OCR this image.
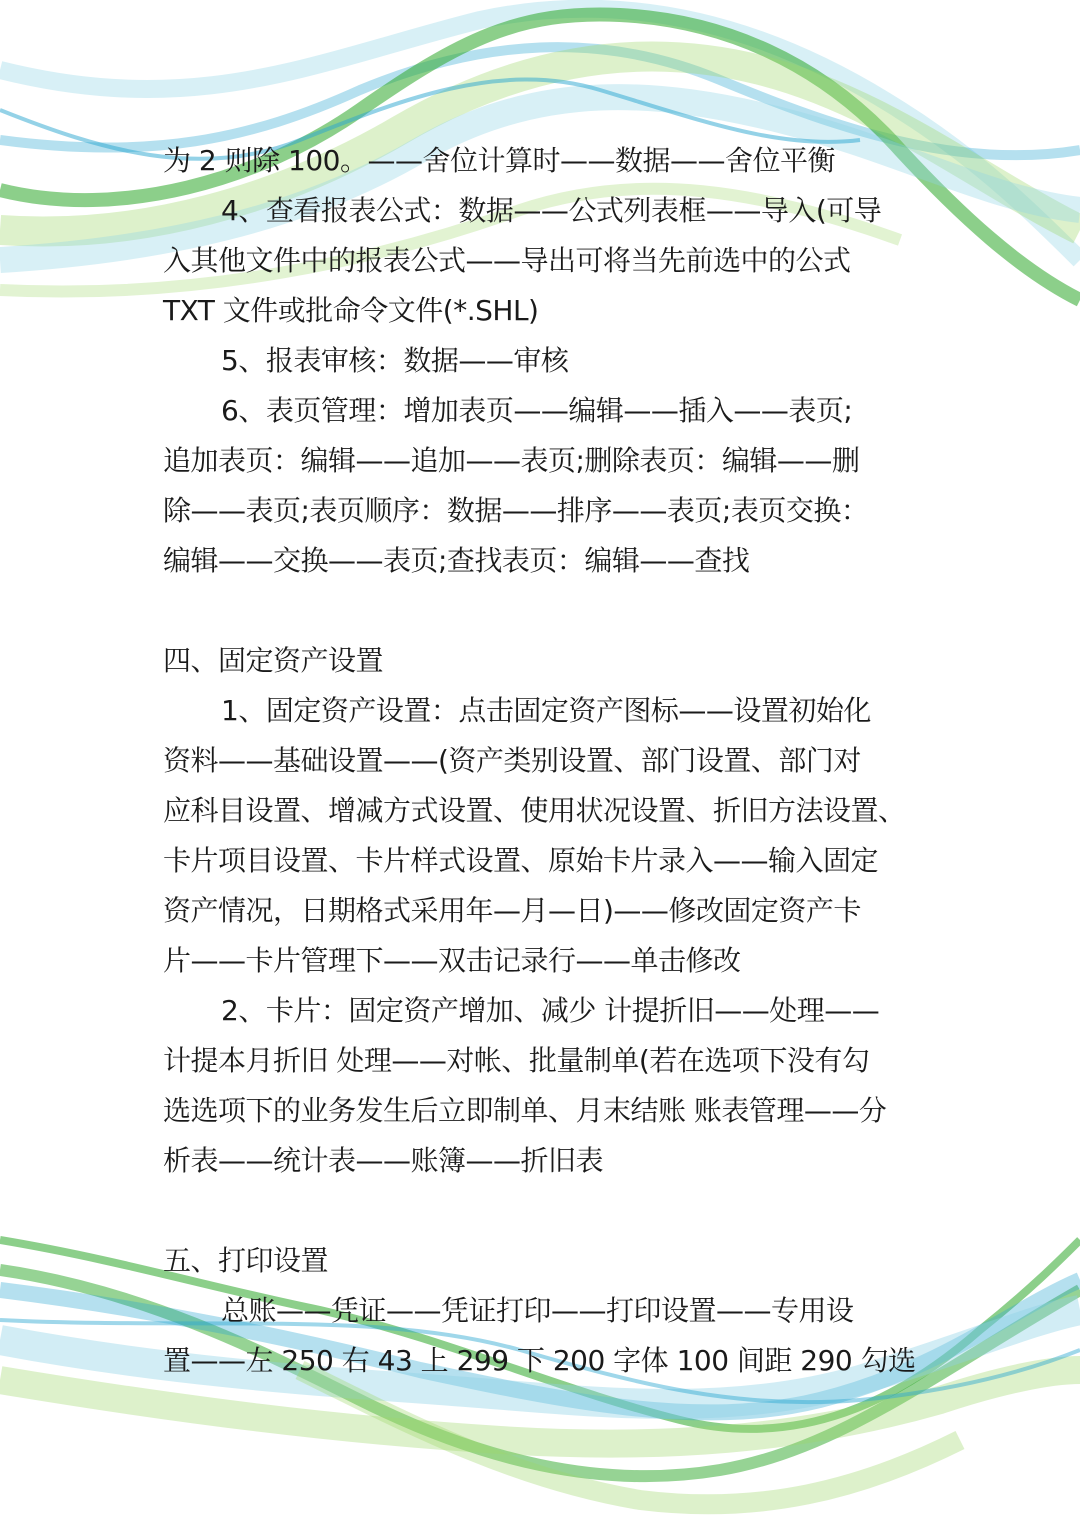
为 2 则除 100。——舍位计算时——数据——舍位平衡

4、查看报表公式：数据——公式列表框——导入(可导
入其他文件中的报表公式——导出可将当先前选中的公式
TXT 文件或批命令文件(*.SHL)

5、报表审核：数据——审核

6、表页管理：增加表页——编辑——插入——表页;
追加表页：编辑——追加——表页;删除表页：编辑——删
除——表页;表页顺序：数据——排序——表页;表页交换：
编辑——交换——表页;查找表页：编辑——查找

四、固定资产设置

1、固定资产设置：点击固定资产图标——设置初始化
资料——基础设置——(资产类别设置、部门设置、部门对
应科目设置、增减方式设置、使用状况设置、折旧方法设置、
卡片项目设置、卡片样式设置、原始卡片录入——输入固定
资产情况，日期格式采用年—月—日)——修改固定资产卡
片——卡片管理下——双击记录行——单击修改

2、卡片：固定资产增加、减少 计提折旧——处理——
计提本月折旧 处理——对帐、批量制单(若在选项下没有勾
选选项下的业务发生后立即制单、月末结账 账表管理——分
析表——统计表——账簿——折旧表

五、打印设置

总账——凭证——凭证打印——打印设置——专用设
置——左 250 右 43 上 299 下 200 字体 100 间距 290 勾选
